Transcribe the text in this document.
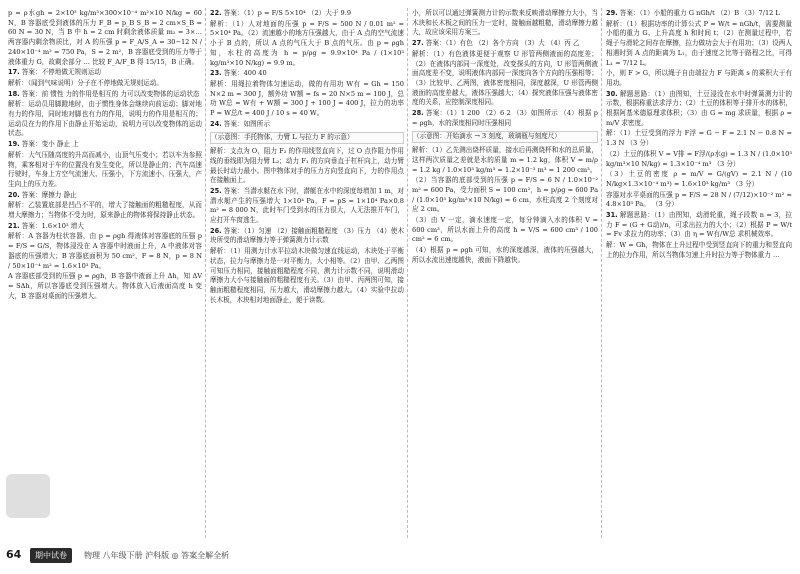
p = ρ水gh = 2×10³ kg/m³×300×10⁻⁴ m²×10 N/kg = 60 N，B 容器底受到液体的压力 F_B = p_B S_B = 2 cm×S_B = 60 N = 30 N，当 B 中 h = 2 cm 时剩余液体质量 m₂ = 3×… 两容器内剩余物质比，对 A 的压强 p = F_A/S_A = 30−12 N / 240×10⁻⁴ m² = 750 Pa，S = 2 m²，B 容器底受到的压力等于液体重力 G，故剩余部分 … 比较 F_A/F_B 得 15/15，B 正确。
17. 答案：不停地做无规则运动
解析：（闻到气味说明）分子在不停地做无规则运动。
18. 答案：前 惯性 力的作用是相互的 力可以改变物体的运动状态
解析：运动员用脚蹬地时，由于惯性身体会继续向前运动；脚对地有力的作用，同时地对脚也有力的作用，说明力的作用是相互的；运动员在力的作用下由静止开始运动，说明力可以改变物体的运动状态。
19. 答案：变小 静止 上
解析：大气压随高度的升高而减小，山顶气压变小；若以车为参照物，乘客相对于车的位置没有发生变化，所以是静止的；汽车高速行驶时，车身上方空气流速大、压强小，下方流速小、压强大，产生向上的压力差。
20. 答案：摩擦力 静止
解析：乙装置底部是凹凸不平的，增大了接触面的粗糙程度，从而增大摩擦力；当物体不受力时，原来静止的物体将保持静止状态。
21. 答案：1.6×10³ 增大
解析：A 容器为柱状容器，由 p = ρgh 得液体对容器底的压强 p = F/S = G/S，物体浸没在 A 容器中时液面上升，A 中液体对容器底的压强增大；B 容器底面积为 50 cm²，F = 8 N，p = 8 N / 50×10⁻⁴ m² = 1.6×10³ Pa。
A 容器底部受到的压强 p = ρgh，B 容器中液面上升 Δh，知 ΔV = SΔh，所以容器底受到压强增大。物体放入后液面高度 h 变大，B 容器对桌面的压强增大。
22. 答案：（1）p = F/S 5×10⁴ （2）大于 9.9
解析：（1）人对地面的压强 p = F/S = 500 N / 0.01 m² = 5×10⁴ Pa。（2）流速越小的地方压强越大，由于 A 点的空气流速小于 B 点的，所以 A 点的气压大于 B 点的气压。由 p = ρgh 知，水柱的高度为 h = p/ρg = 9.9×10⁴ Pa / (1×10³ kg/m³×10 N/kg) = 9.9 m。
23. 答案：400 40
解析：用绳拉着物体匀速运动，做的有用功 W有 = Gh = 150 N×2 m = 300 J，额外功 W额 = fs = 20 N×5 m = 100 J，总功 W总 = W有 + W额 = 300 J + 100 J = 400 J，拉力的功率 P = W总/t = 400 J / 10 s = 40 W。
24. 答案：如图所示
（示意图：手托物体，力臂 L 与拉力 F 的示意）
解析：支点为 O，阻力 F₂ 的作用线竖直向下，过 O 点作阻力作用线的垂线即为阻力臂 L₂；动力 F₁ 的方向垂直于杠杆向上，动力臂最长时动力最小。图中物体对手的压力方向竖直向下，力的作用点在接触面上。
25. 答案：当潜水艇在水下时，潜艇在水中的深度每增加 1 m，对潜水艇产生的压强增大 1×10⁴ Pa，F = pS = 1×10⁴ Pa×0.8 m² = 8 000 N，此时车门受到水的压力很大，人无法推开车门，应打开车窗逃生。
26. 答案：（1）匀速 （2）接触面粗糙程度 （3）压力 （4）使木块所受的滑动摩擦力等于弹簧测力计示数
解析：（1）用测力计水平拉动木块做匀速直线运动，木块处于平衡状态，拉力与摩擦力是一对平衡力，大小相等。（2）由甲、乙两图可知压力相同，接触面粗糙程度不同，测力计示数不同，说明滑动摩擦力大小与接触面的粗糙程度有关。（3）由甲、丙两图可知，接触面粗糙程度相同，压力越大，滑动摩擦力越大。（4）实验中拉动长木板，木块相对地面静止，便于读数。
小，所以可以通过弹簧测力计的示数来反映滑动摩擦力大小，当木块和长木板之间的压力一定时，接触面越粗糙，滑动摩擦力越大，故应该采用方案三。
27. 答案：（1）有色 （2）各个方向 （3）大 （4）丙 乙
解析：（1）有色液体更便于观察 U 形管两侧液面的高度差；（2）在液体内部同一深度处，改变探头的方向，U 形管两侧液面高度差不变，说明液体内部同一深度向各个方向的压强相等；（3）比较甲、乙两图，液体密度相同，深度越深，U 形管两侧液面的高度差越大，液体压强越大；（4）探究液体压强与液体密度的关系，应控制深度相同。
28. 答案：（1）1 200 （2）6 2 （3）如图所示 （4）根据 p = ρgh，水的深度相同时压强相同
（示意图：开始滴水 → 3 刻度，玻璃瓶与刻度尺）
解析：（1）乙先测出烧杯质量，接水后再测烧杯和水的总质量，这样两次质量之差就是水的质量 m = 1.2 kg，体积 V = m/ρ = 1.2 kg / 1.0×10³ kg/m³ = 1.2×10⁻³ m³ = 1 200 cm³。
（2）当容器的底部受到的压强 p = F/S = 6 N / 1.0×10⁻² m² = 600 Pa，受力面积 S = 100 cm²，h = p/ρg = 600 Pa / (1.0×10³ kg/m³×10 N/kg) = 6 cm，水柱高度 2 个刻度对应 2 cm。
（3）由 V 一定，滴水速度一定，每分钟滴入水的体积 V = 600 cm³，所以水面上升的高度 h = V/S = 600 cm³ / 100 cm² = 6 cm。
（4）根据 p = ρgh 可知，水的深度越深，液体的压强越大，所以水流出速度越快，液面下降越快。
29. 答案：（1）小船的重力 G nGh/t （2）B （3）7/12 L
解析：（1）根据功率的计算公式 P = W/t = nGh/t，需要测量小船的重力 G、上升高度 h 和时间 t；（2）在测量过程中，若绳子与滑轮之间存在摩擦，拉力做功会大于有用功；（3）设两人相遇时到 A 点的距离为 L₁，由于速度之比等于路程之比，可得 L₁ = 7/12 L。
小，则 F > G，所以绳子自由端拉力 F 与距离 s 的乘积大于有用功。
30. 解题思路：（1）由图知，土豆浸没在水中时弹簧测力计的示数，根据称重法求浮力；（2）土豆的体积等于排开水的体积，根据阿基米德原理求体积；（3）由 G = mg 求质量，根据 ρ = m/V 求密度。
解：（1）土豆受到的浮力 F浮 = G − F = 2.1 N − 0.8 N = 1.3 N （3 分）
（2）土豆的体积 V = V排 = F浮/(ρ水g) = 1.3 N / (1.0×10³ kg/m³×10 N/kg) = 1.3×10⁻⁴ m³ （3 分）
（3）土豆的密度 ρ = m/V = G/(gV) = 2.1 N / (10 N/kg×1.3×10⁻⁴ m³) ≈ 1.6×10³ kg/m³ （3 分）
容器对水平桌面的压强 p = F/S = 28 N / (7/12)×10⁻² m² ≈ 4.8×10³ Pa。 （3 分）
31. 解题思路：（1）由图知，动滑轮重，绳子段数 n = 3，拉力 F = (G + G动)/n，可求出拉力的大小；（2）根据 P = W/t = Fv 求拉力的功率；（3）由 η = W有/W总 求机械效率。
解：W = Gh，物体在上升过程中受到竖直向下的重力和竖直向上的拉力作用，所以当物体匀速上升时拉力等于物体重力 …
64	期中试卷	物理 八年级下册 沪科版 ◎ 答案全解全析
